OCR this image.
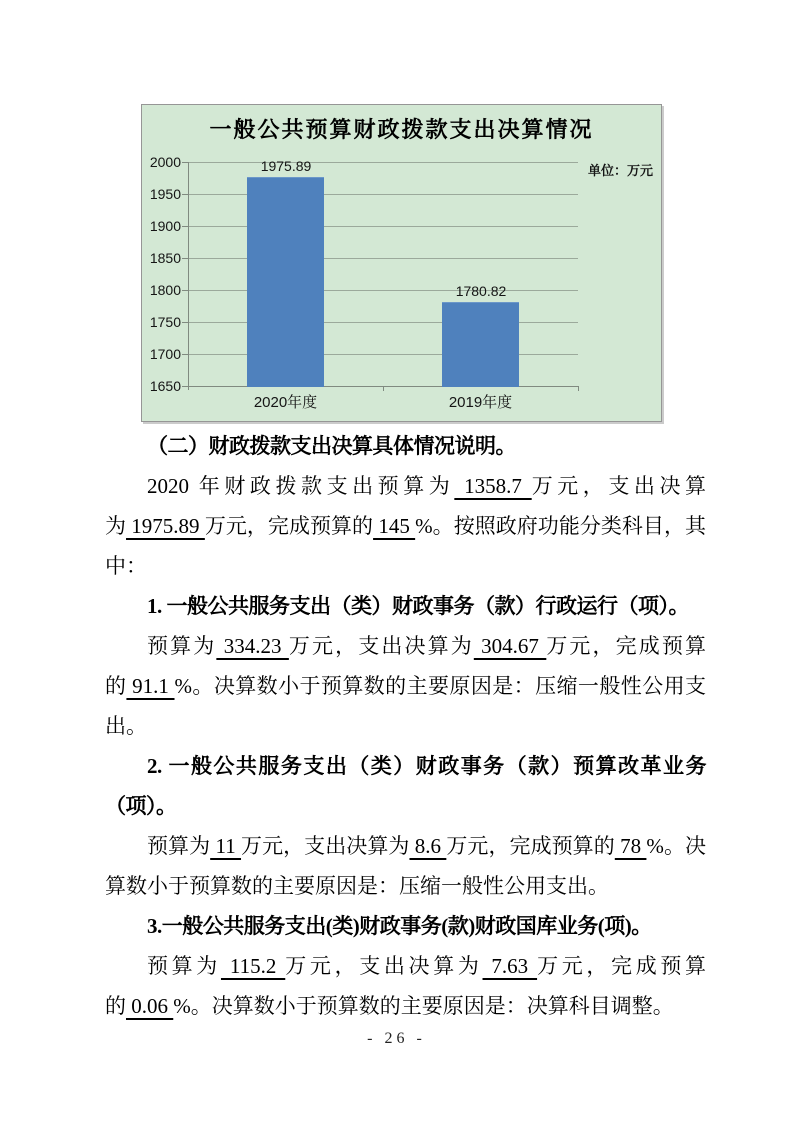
一般公共预算财政拨款支出决算情况
单位：万元
2000
1950
1900
1850
1800
1750
1700
1650
1975.89
2020年度
1780.82
2019年度

（二）财政拨款支出决算具体情况说明。

2020 年财政拨款支出预算为 1358.7 万元，支出决算为 1975.89 万元，完成预算的 145 %。按照政府功能分类科目，其中：

1. 一般公共服务支出（类）财政事务（款）行政运行（项）。

预算为 334.23 万元，支出决算为 304.67 万元，完成预算的 91.1 %。决算数小于预算数的主要原因是：压缩一般性公用支出。

2. 一般公共服务支出（类）财政事务（款）预算改革业务（项）。

预算为 11 万元，支出决算为 8.6 万元，完成预算的 78 %。决算数小于预算数的主要原因是：压缩一般性公用支出。

3.一般公共服务支出(类)财政事务(款)财政国库业务(项)。

预算为 115.2 万元，支出决算为 7.63 万元，完成预算的 0.06 %。决算数小于预算数的主要原因是：决算科目调整。

- 26 -
